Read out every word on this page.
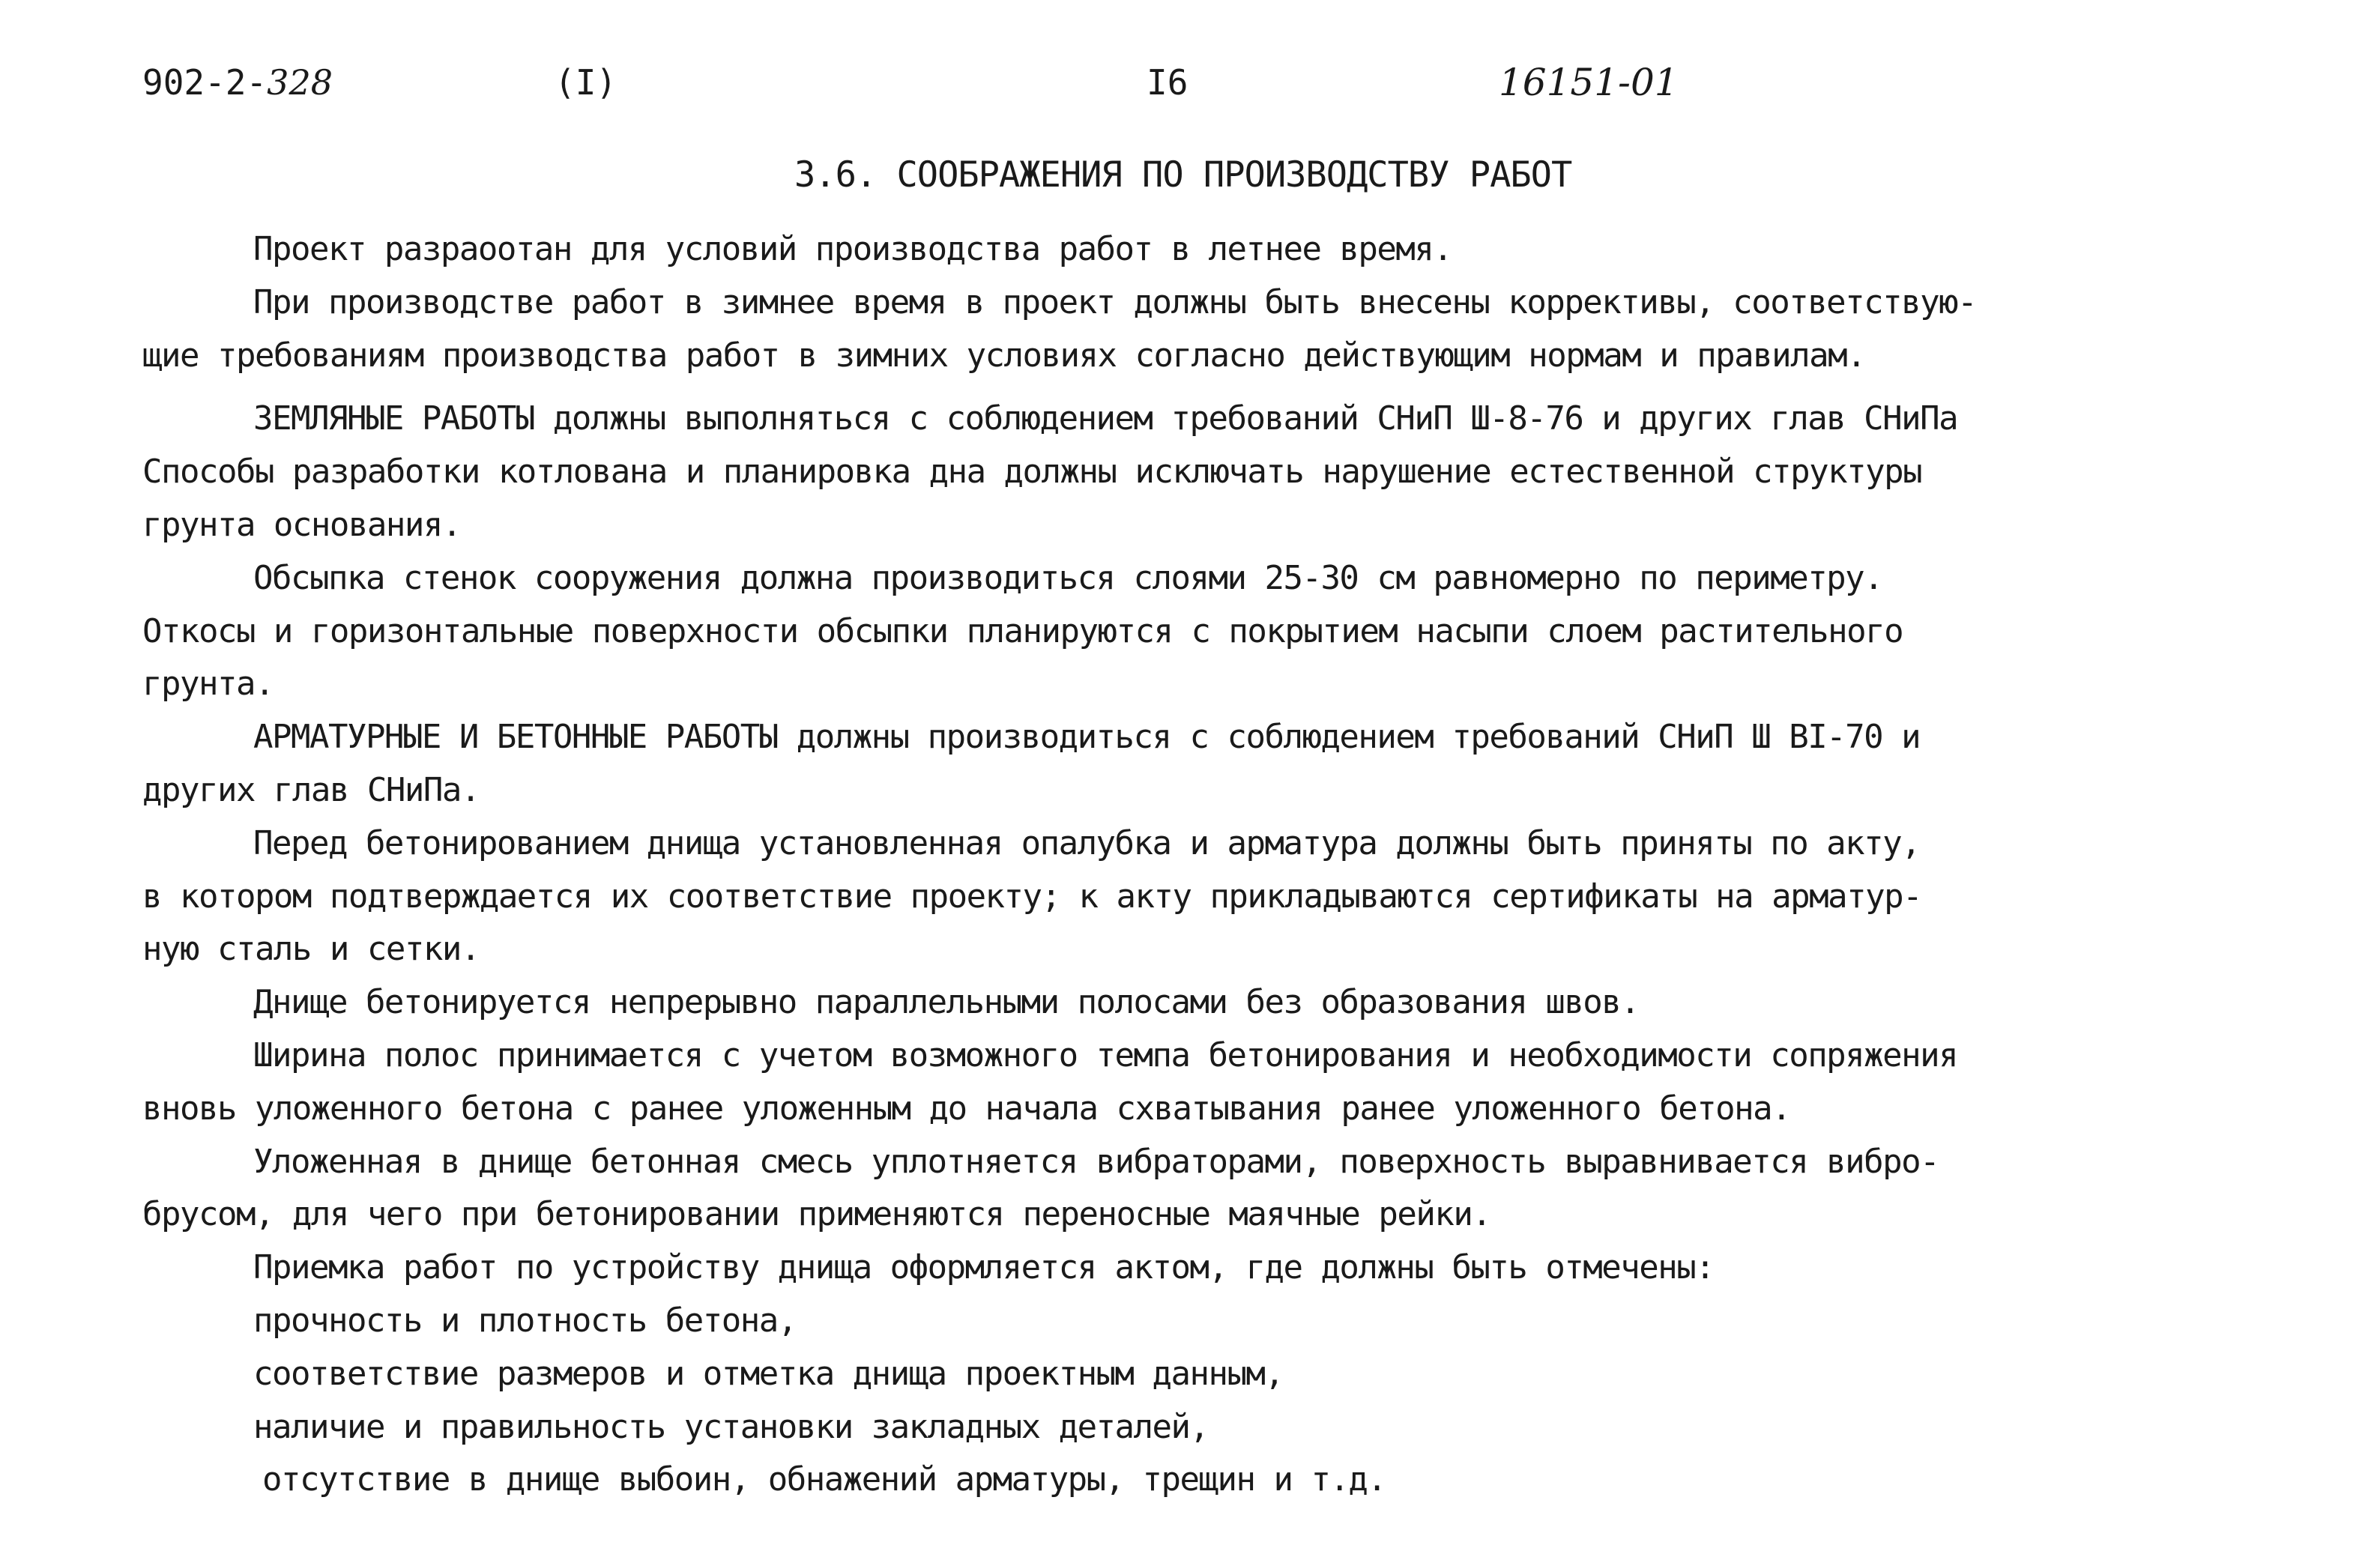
902-2-328	(I)	I6	16151-01
3.6. СООБРАЖЕНИЯ ПО ПРОИЗВОДСТВУ РАБОТ
Проект разраоотан для условий производства работ в летнее время.
При производстве работ в зимнее время в проект должны быть внесены коррективы, соответствую-
щие требованиям производства работ в зимних условиях согласно действующим нормам и правилам.
ЗЕМЛЯНЫЕ РАБОТЫ должны выполняться с соблюдением требований СНиП Ш-8-76 и других глав СНиПа
Способы разработки котлована и планировка дна должны исключать нарушение естественной структуры
грунта основания.
Обсыпка стенок сооружения должна производиться слоями 25-30 см равномерно по периметру.
Откосы и горизонтальные поверхности обсыпки планируются с покрытием насыпи слоем растительного
грунта.
АРМАТУРНЫЕ И БЕТОННЫЕ РАБОТЫ должны производиться с соблюдением требований СНиП Ш ВI-70 и
других глав СНиПа.
Перед бетонированием днища установленная опалубка и арматура должны быть приняты по акту,
в котором подтверждается их соответствие проекту; к акту прикладываются сертификаты на арматур-
ную сталь и сетки.
Днище бетонируется непрерывно параллельными полосами без образования швов.
Ширина полос принимается с учетом возможного темпа бетонирования и необходимости сопряжения
вновь уложенного бетона с ранее уложенным до начала схватывания ранее уложенного бетона.
Уложенная в днище бетонная смесь уплотняется вибраторами, поверхность выравнивается вибро-
брусом, для чего при бетонировании применяются переносные маячные рейки.
Приемка работ по устройству днища оформляется актом, где должны быть отмечены:
прочность и плотность бетона,
соответствие размеров и отметка днища проектным данным,
наличие и правильность установки закладных деталей,
отсутствие в днище выбоин, обнажений арматуры, трещин и т.д.
